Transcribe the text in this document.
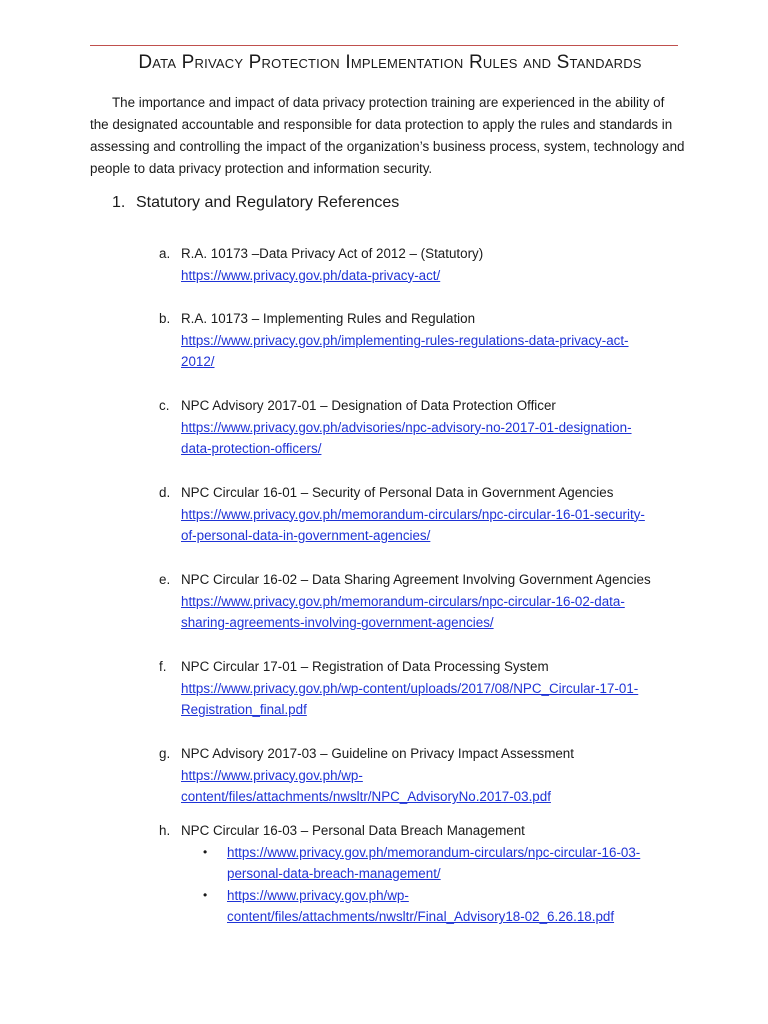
Data Privacy Protection Implementation Rules and Standards

The importance and impact of data privacy protection training are experienced in the ability of the designated accountable and responsible for data protection to apply the rules and standards in assessing and controlling the impact of the organization’s business process, system, technology and people to data privacy protection and information security.

1. Statutory and Regulatory References
a. R.A. 10173 –Data Privacy Act of 2012 – (Statutory)
https://www.privacy.gov.ph/data-privacy-act/
b. R.A. 10173 – Implementing Rules and Regulation
https://www.privacy.gov.ph/implementing-rules-regulations-data-privacy-act-
2012/
c. NPC Advisory 2017-01 – Designation of Data Protection Officer
https://www.privacy.gov.ph/advisories/npc-advisory-no-2017-01-designation-
data-protection-officers/
d. NPC Circular 16-01 – Security of Personal Data in Government Agencies
https://www.privacy.gov.ph/memorandum-circulars/npc-circular-16-01-security-
of-personal-data-in-government-agencies/
e. NPC Circular 16-02 – Data Sharing Agreement Involving Government Agencies
https://www.privacy.gov.ph/memorandum-circulars/npc-circular-16-02-data-
sharing-agreements-involving-government-agencies/
f.	NPC Circular 17-01 – Registration of Data Processing System
https://www.privacy.gov.ph/wp-content/uploads/2017/08/NPC_Circular-17-01-
Registration_final.pdf
g. NPC Advisory 2017-03 – Guideline on Privacy Impact Assessment
https://www.privacy.gov.ph/wp-
content/files/attachments/nwsltr/NPC_AdvisoryNo.2017-03.pdf
h. NPC Circular 16-03 – Personal Data Breach Management
• https://www.privacy.gov.ph/memorandum-circulars/npc-circular-16-03-
personal-data-breach-management/
• https://www.privacy.gov.ph/wp-
content/files/attachments/nwsltr/Final_Advisory18-02_6.26.18.pdf
